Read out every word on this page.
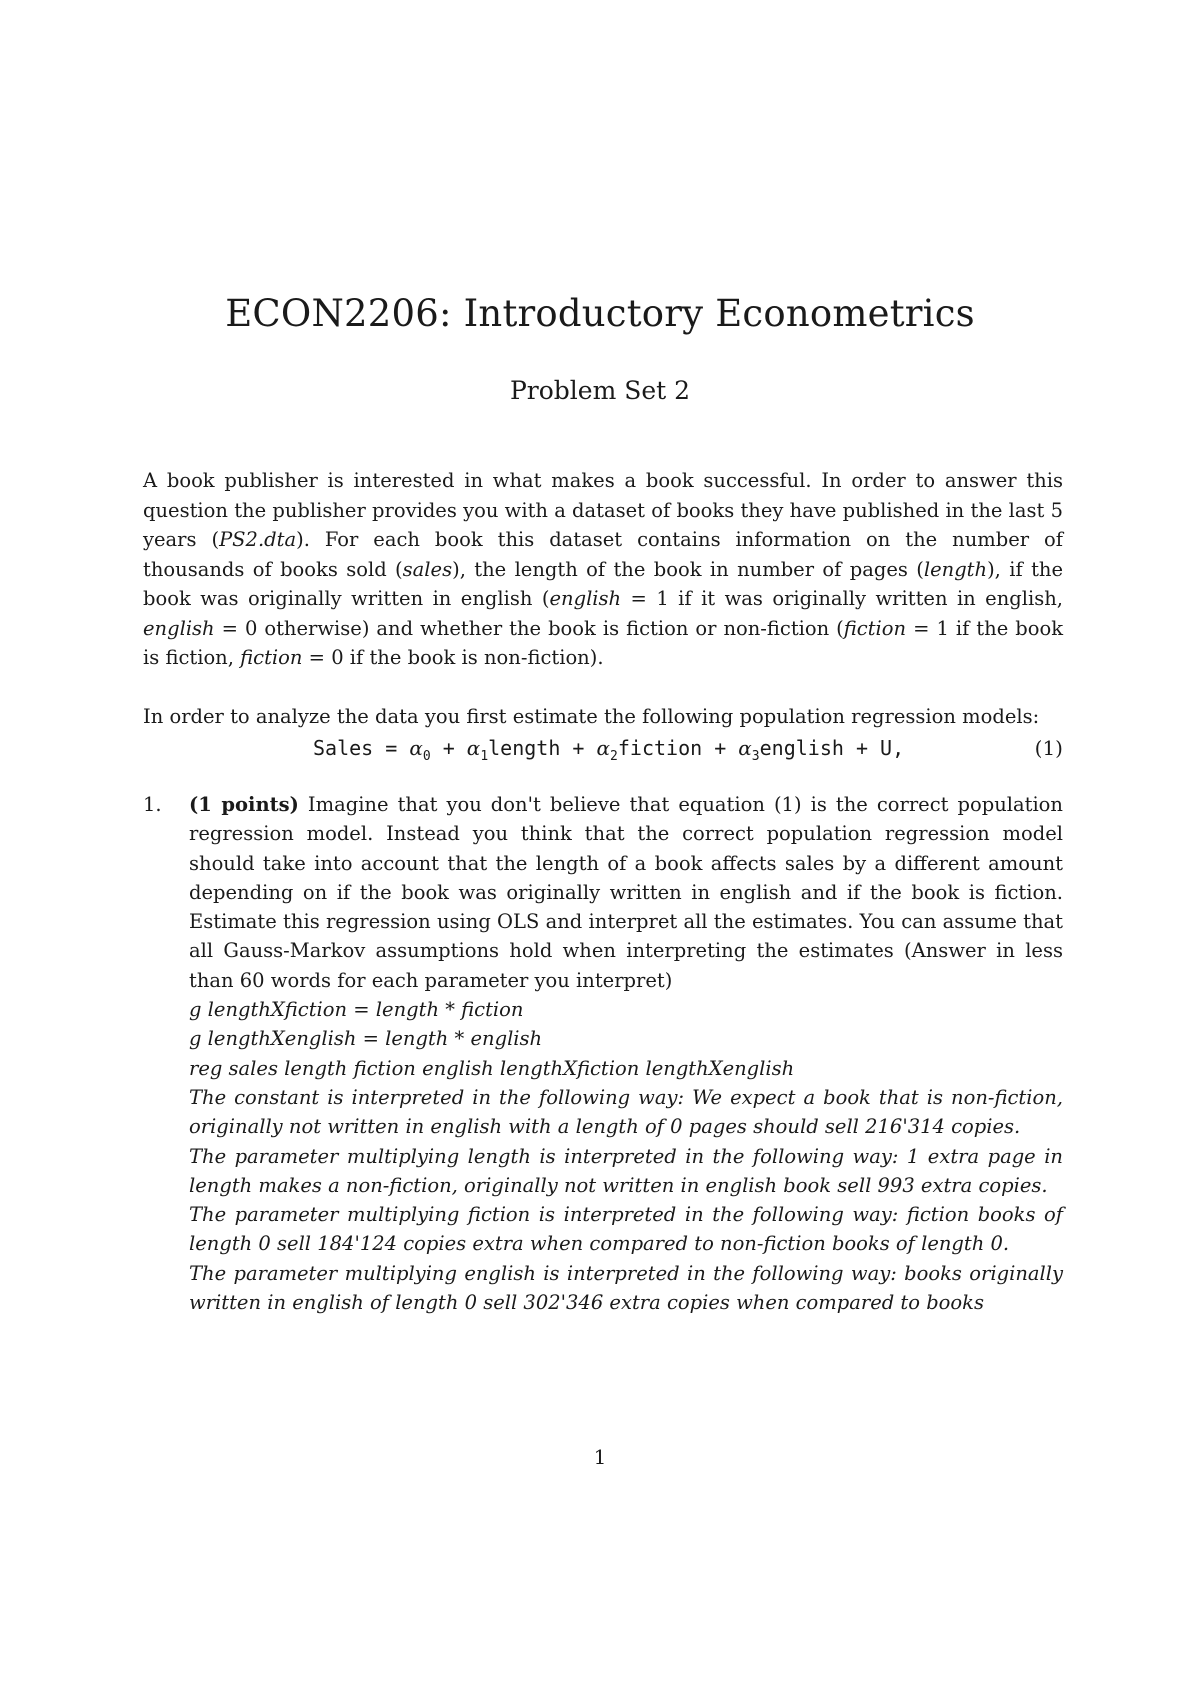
ECON2206: Introductory Econometrics
Problem Set 2
A book publisher is interested in what makes a book successful. In order to answer this question the publisher provides you with a dataset of books they have published in the last 5 years (PS2.dta). For each book this dataset contains information on the number of thousands of books sold (sales), the length of the book in number of pages (length), if the book was originally written in english (english = 1 if it was originally written in english, english = 0 otherwise) and whether the book is fiction or non-fiction (fiction = 1 if the book is fiction, fiction = 0 if the book is non-fiction).
In order to analyze the data you first estimate the following population regression models:
Sales = $\alpha_0$ + $\alpha_1length$ + $\alpha_2fiction$ + $\alpha_3english + U$,	(1)
1. (1 points) Imagine that you don't believe that equation (1) is the correct population regression model. Instead you think that the correct population regression model should take into account that the length of a book affects sales by a different amount depending on if the book was originally written in english and if the book is fiction. Estimate this regression using OLS and interpret all the estimates. You can assume that all Gauss-Markov assumptions hold when interpreting the estimates (Answer in less than 60 words for each parameter you interpret)
g lengthXfiction = length * fiction
g lengthXenglish = length * english
reg sales length fiction english lengthXfiction lengthXenglish
The constant is interpreted in the following way: We expect a book that is non-fiction, originally not written in english with a length of 0 pages should sell 216'314 copies.
The parameter multiplying length is interpreted in the following way: 1 extra page in length makes a non-fiction, originally not written in english book sell 993 extra copies.
The parameter multiplying fiction is interpreted in the following way: fiction books of length 0 sell 184'124 copies extra when compared to non-fiction books of length 0.
The parameter multiplying english is interpreted in the following way: books originally written in english of length 0 sell 302'346 extra copies when compared to books
1
